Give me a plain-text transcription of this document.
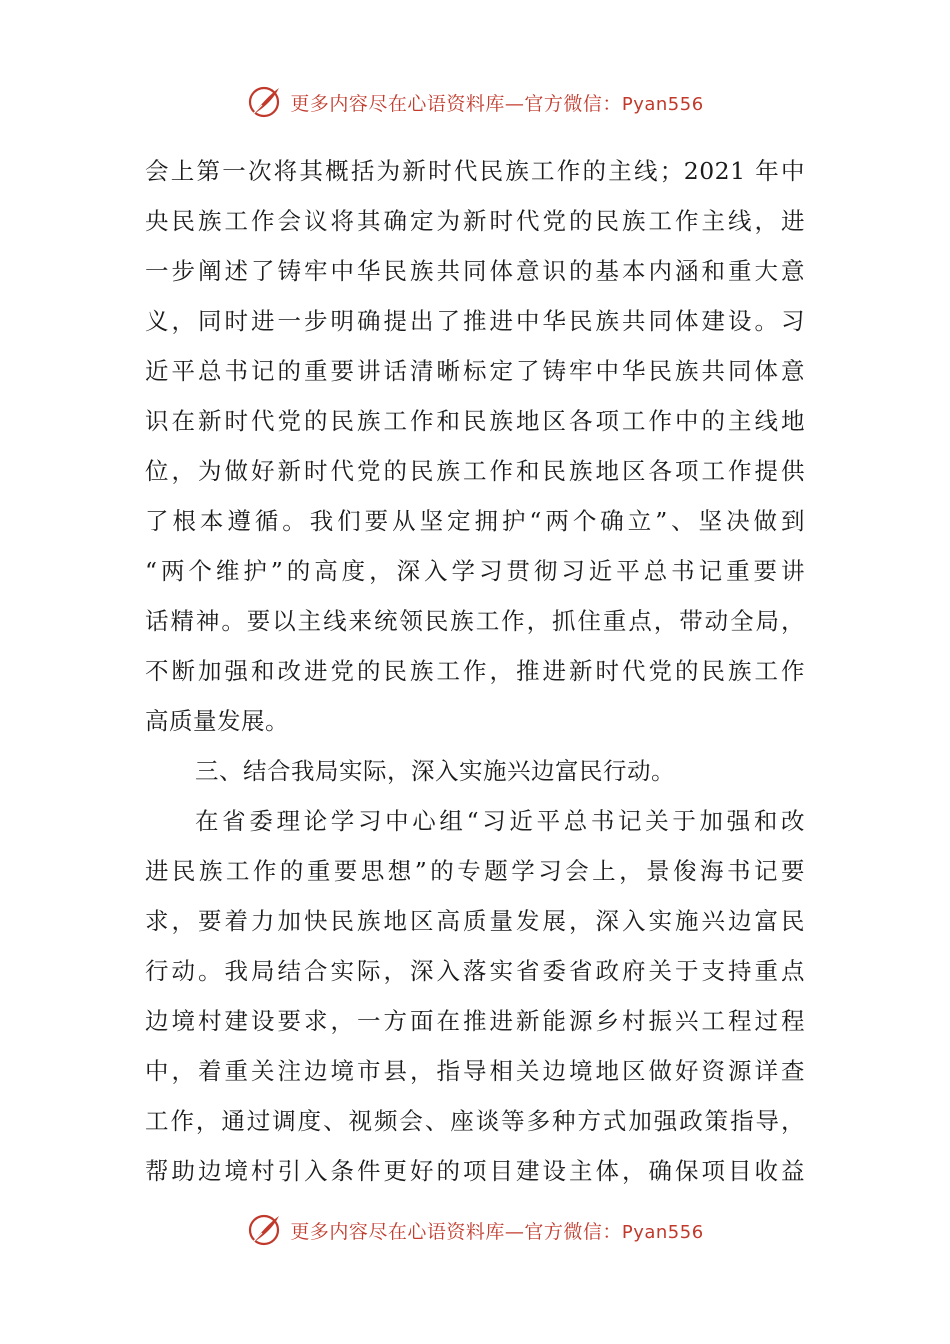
更多内容尽在心语资料库—官方微信：Pyan556
会上第一次将其概括为新时代民族工作的主线；2021 年中
央民族工作会议将其确定为新时代党的民族工作主线，进
一步阐述了铸牢中华民族共同体意识的基本内涵和重大意
义，同时进一步明确提出了推进中华民族共同体建设。习
近平总书记的重要讲话清晰标定了铸牢中华民族共同体意
识在新时代党的民族工作和民族地区各项工作中的主线地
位，为做好新时代党的民族工作和民族地区各项工作提供
了根本遵循。我们要从坚定拥护“两个确立”、坚决做到
“两个维护”的高度，深入学习贯彻习近平总书记重要讲
话精神。要以主线来统领民族工作，抓住重点，带动全局，
不断加强和改进党的民族工作，推进新时代党的民族工作
高质量发展。
三、结合我局实际，深入实施兴边富民行动。
在省委理论学习中心组“习近平总书记关于加强和改
进民族工作的重要思想”的专题学习会上，景俊海书记要
求，要着力加快民族地区高质量发展，深入实施兴边富民
行动。我局结合实际，深入落实省委省政府关于支持重点
边境村建设要求，一方面在推进新能源乡村振兴工程过程
中，着重关注边境市县，指导相关边境地区做好资源详查
工作，通过调度、视频会、座谈等多种方式加强政策指导，
帮助边境村引入条件更好的项目建设主体，确保项目收益
更多内容尽在心语资料库—官方微信：Pyan556
